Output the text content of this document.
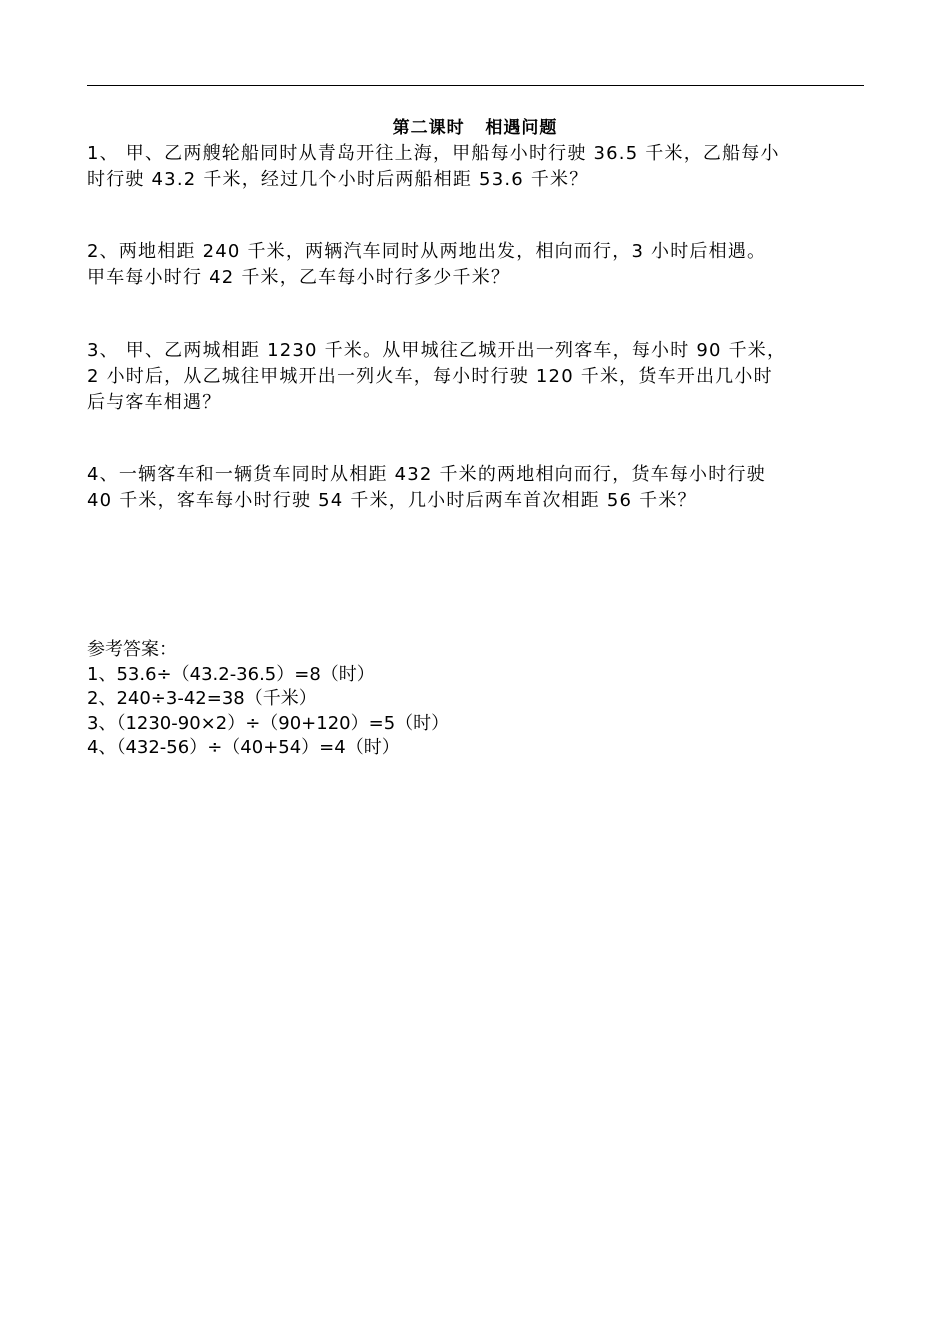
第二课时   相遇问题
1、 甲、乙两艘轮船同时从青岛开往上海，甲船每小时行驶 36.5 千米，乙船每小
时行驶 43.2 千米，经过几个小时后两船相距 53.6 千米？
2、两地相距 240 千米，两辆汽车同时从两地出发，相向而行，3 小时后相遇。
甲车每小时行 42 千米，乙车每小时行多少千米？
3、 甲、乙两城相距 1230 千米。从甲城往乙城开出一列客车，每小时 90 千米，
2 小时后，从乙城往甲城开出一列火车，每小时行驶 120 千米，货车开出几小时
后与客车相遇？
4、一辆客车和一辆货车同时从相距 432 千米的两地相向而行，货车每小时行驶
40 千米，客车每小时行驶 54 千米，几小时后两车首次相距 56 千米？
参考答案：
1、53.6÷（43.2-36.5）=8（时）
2、240÷3-42=38（千米）
3、（1230-90×2）÷（90+120）=5（时）
4、（432-56）÷（40+54）=4（时）
